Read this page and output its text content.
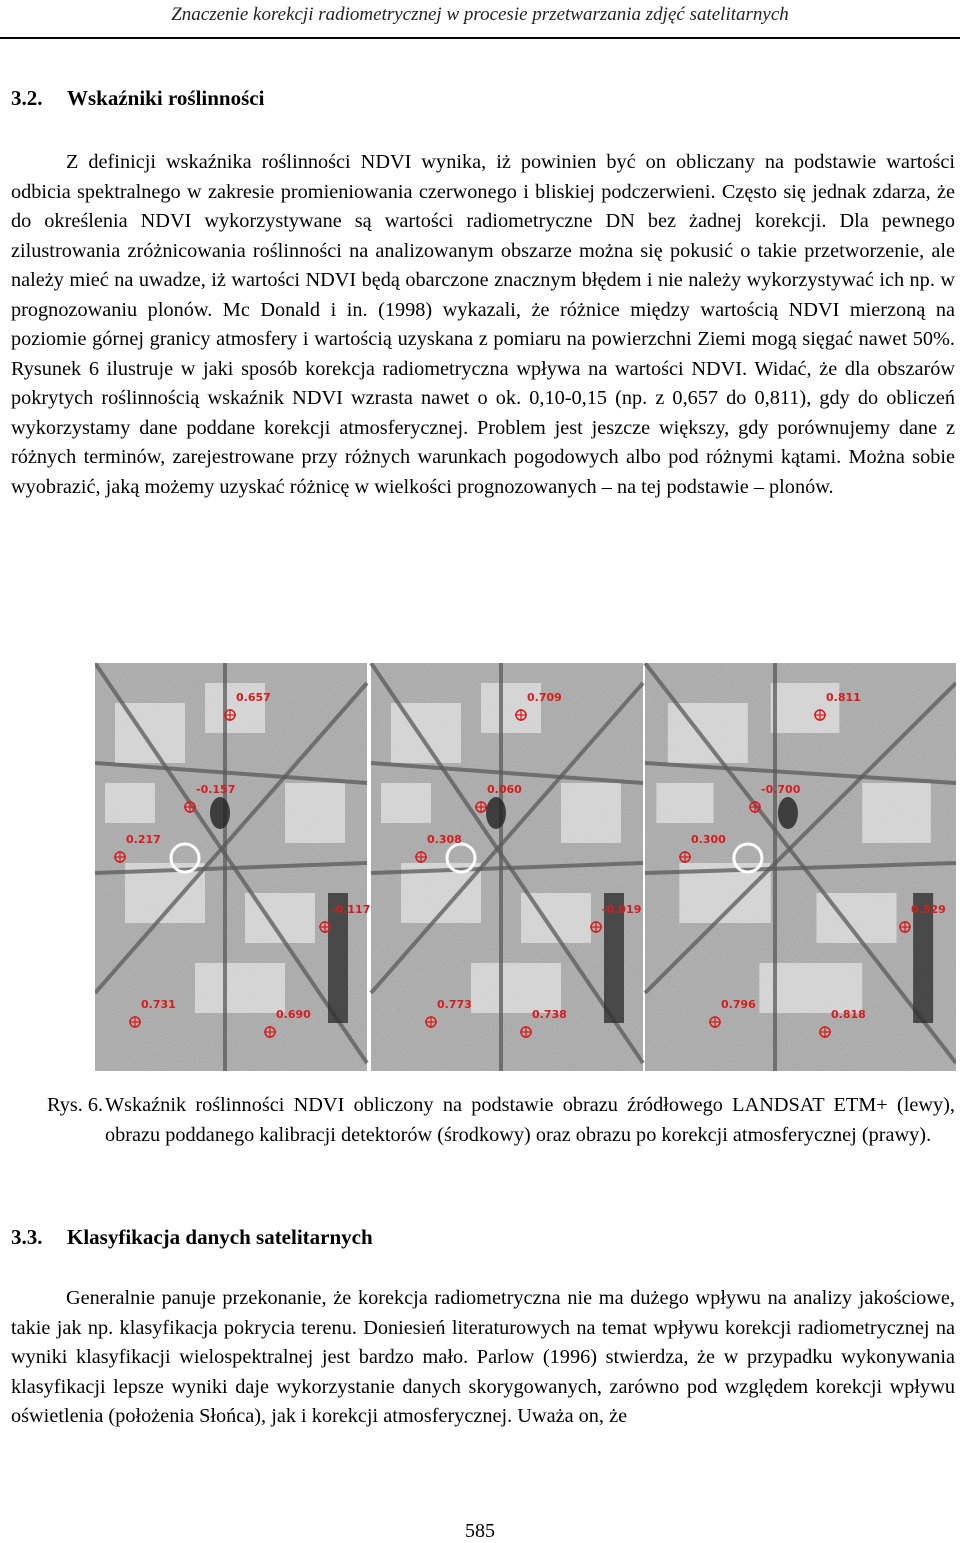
Znaczenie korekcji radiometrycznej w procesie przetwarzania zdjęć satelitarnych
3.2. Wskaźniki roślinności

Z definicji wskaźnika roślinności NDVI wynika, iż powinien być on obliczany na podstawie wartości odbicia spektralnego w zakresie promieniowania czerwonego i bliskiej podczerwieni. Często się jednak zdarza, że do określenia NDVI wykorzystywane są wartości radiometryczne DN bez żadnej korekcji. Dla pewnego zilustrowania zróżnicowania roślinności na analizowanym obszarze można się pokusić o takie przetworzenie, ale należy mieć na uwadze, iż wartości NDVI będą obarczone znacznym błędem i nie należy wykorzystywać ich np. w prognozowaniu plonów. Mc Donald i in. (1998) wykazali, że różnice między wartością NDVI mierzoną na poziomie górnej granicy atmosfery i wartością uzyskana z pomiaru na powierzchni Ziemi mogą sięgać nawet 50%. Rysunek 6 ilustruje w jaki sposób korekcja radiometryczna wpływa na wartości NDVI. Widać, że dla obszarów pokrytych roślinnością wskaźnik NDVI wzrasta nawet o ok. 0,10-0,15 (np. z 0,657 do 0,811), gdy do obliczeń wykorzystamy dane poddane korekcji atmosferycznej. Problem jest jeszcze większy, gdy porównujemy dane z różnych terminów, zarejestrowane przy różnych warunkach pogodowych albo pod różnymi kątami. Można sobie wyobrazić, jaką możemy uzyskać różnicę w wielkości prognozowanych – na tej podstawie – plonów.

0.657
-0.157
0.217
-0.117
0.731
0.690
0.709
0.060
0.308
-0.019
0.773
0.738
0.811
-0.700
0.300
0.529
0.796
0.818
Rys. 6. Wskaźnik roślinności NDVI obliczony na podstawie obrazu źródłowego LANDSAT ETM+ (lewy), obrazu poddanego kalibracji detektorów (środkowy) oraz obrazu po korekcji atmosferycznej (prawy).
3.3. Klasyfikacja danych satelitarnych

Generalnie panuje przekonanie, że korekcja radiometryczna nie ma dużego wpływu na analizy jakościowe, takie jak np. klasyfikacja pokrycia terenu. Doniesień literaturowych na temat wpływu korekcji radiometrycznej na wyniki klasyfikacji wielospektralnej jest bardzo mało. Parlow (1996) stwierdza, że w przypadku wykonywania klasyfikacji lepsze wyniki daje wykorzystanie danych skorygowanych, zarówno pod względem korekcji wpływu oświetlenia (położenia Słońca), jak i korekcji atmosferycznej. Uważa on, że

585
